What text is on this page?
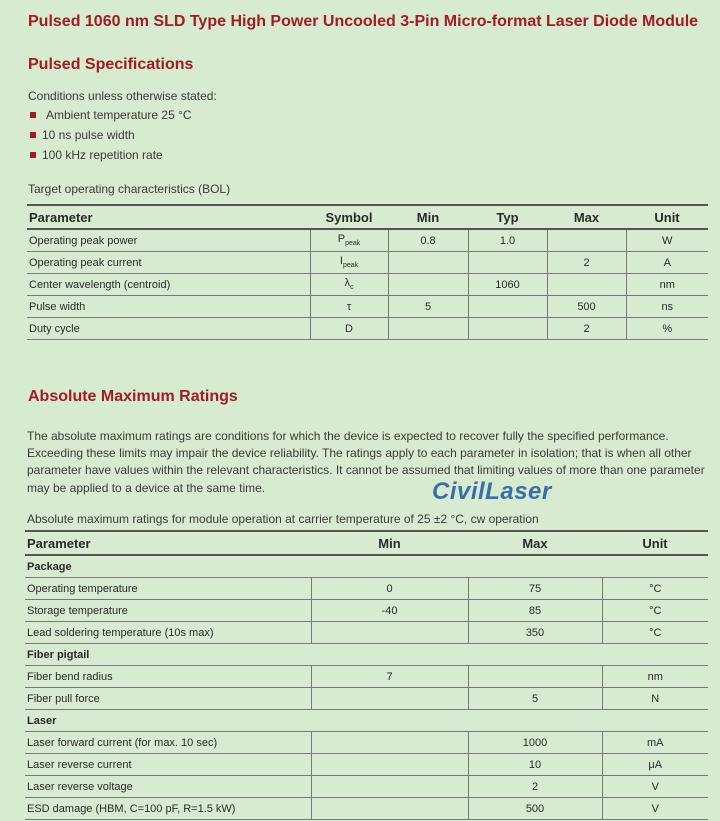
Pulsed 1060 nm SLD Type High Power Uncooled 3-Pin Micro-format Laser Diode Module
Pulsed Specifications
Conditions unless otherwise stated:
Ambient temperature 25 °C
10 ns pulse width
100 kHz repetition rate
Target operating characteristics (BOL)
Parameter	Symbol	Min	Typ	Max	Unit
Operating peak power	$P_{peak}$	0.8	1.0		W
Operating peak current	$I_{peak}$			2	A
Center wavelength (centroid)	$\lambda_c$		1060		nm
Pulse width	τ	5		500	ns
Duty cycle	D			2	%
Absolute Maximum Ratings
The absolute maximum ratings are conditions for which the device is expected to recover fully the specified performance. Exceeding these limits may impair the device reliability. The ratings apply to each parameter in isolation; that is when all other parameter have values within the relevant characteristics. It cannot be assumed that limiting values of more than one parameter may be applied to a device at the same time.	CivilLaser
Absolute maximum ratings for module operation at carrier temperature of 25 ±2 °C, cw operation
Parameter	Min	Max	Unit
Package			
Operating temperature	0	75	°C
Storage temperature	-40	85	°C
Lead soldering temperature (10s max)		350	°C
Fiber pigtail			
Fiber bend radius	7		nm
Fiber pull force		5	N
Laser			
Laser forward current (for max. 10 sec)		1000	mA
Laser reverse current		10	μA
Laser reverse voltage		2	V
ESD damage (HBM, C=100 pF, R=1.5 kW)		500	V
